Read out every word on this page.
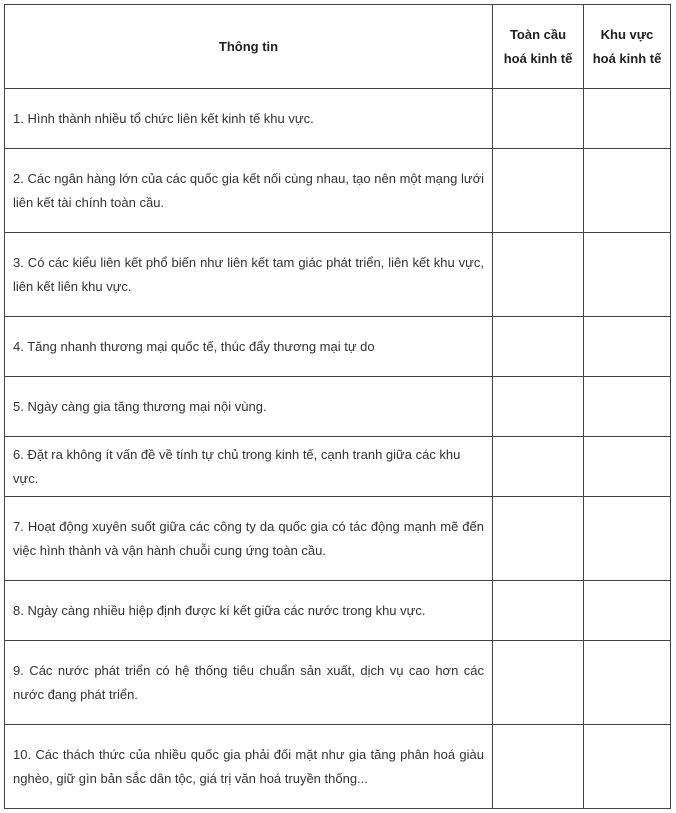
Thông tin	Toàn cầu hoá kinh tế	Khu vực hoá kinh tế
1. Hình thành nhiều tổ chức liên kết kinh tế khu vực.		
2. Các ngân hàng lớn của các quốc gia kết nối cùng nhau, tạo nên một mạng lưới liên kết tài chính toàn cầu.		
3. Có các kiểu liên kết phổ biến như liên kết tam giác phát triển, liên kết khu vực, liên kết liên khu vực.		
4. Tăng nhanh thương mại quốc tế, thúc đẩy thương mại tự do		
5. Ngày càng gia tăng thương mại nội vùng.		
6. Đặt ra không ít vấn đề về tính tự chủ trong kinh tế, cạnh tranh giữa các khu vực.		
7. Hoạt động xuyên suốt giữa các công ty da quốc gia có tác động mạnh mẽ đến việc hình thành và vận hành chuỗi cung ứng toàn cầu.		
8. Ngày càng nhiều hiệp định được kí kết giữa các nước trong khu vực.		
9. Các nước phát triển có hệ thống tiêu chuẩn sản xuất, dịch vụ cao hơn các nước đang phát triển.		
10. Các thách thức của nhiều quốc gia phải đối mặt như gia tăng phân hoá giàu nghèo, giữ gìn bản sắc dân tộc, giá trị văn hoá truyền thống...		
